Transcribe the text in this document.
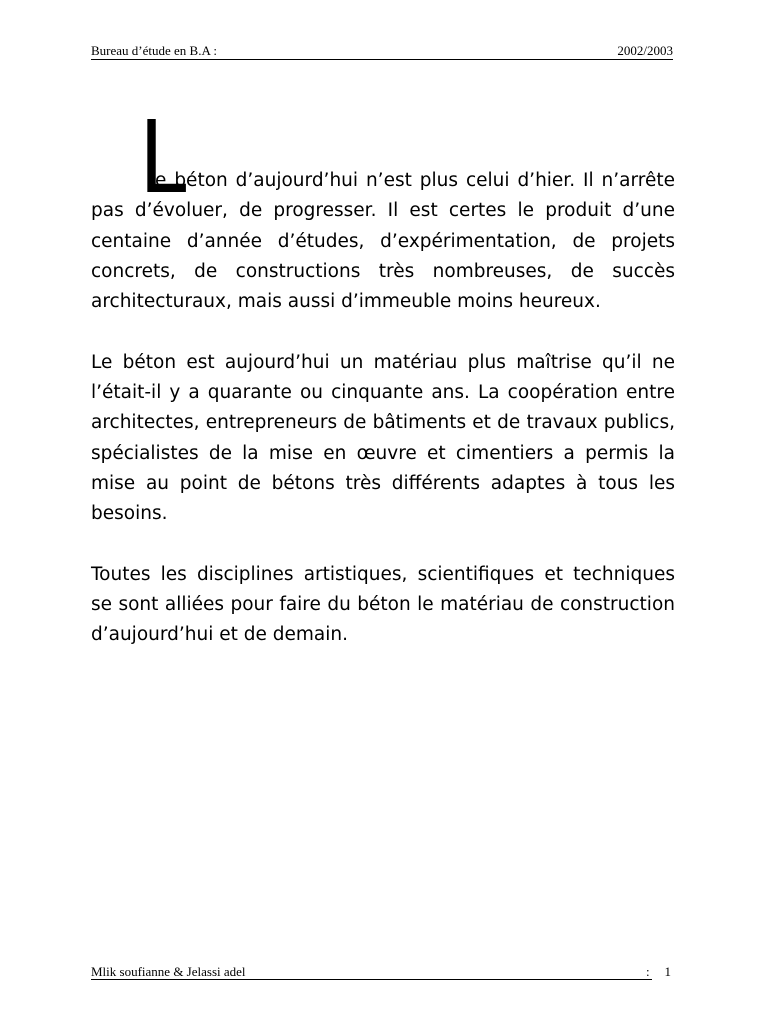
Bureau d’étude en B.A :	2002/2003
L

e béton d’aujourd’hui n’est plus celui d’hier. Il n’arrête pas d’évoluer, de progresser. Il est certes le produit d’une centaine d’année d’études, d’expérimentation, de projets concrets, de constructions très nombreuses, de succès architecturaux, mais aussi d’immeuble moins heureux.

Le béton est aujourd’hui un matériau plus maîtrise qu’il ne l’était-il y a quarante ou cinquante ans. La coopération entre architectes, entrepreneurs de bâtiments et de travaux publics, spécialistes de la mise en œuvre et cimentiers a permis la mise au point de bétons très différents adaptes à tous les besoins.

Toutes les disciplines artistiques, scientifiques et techniques se sont alliées pour faire du béton le matériau de construction d’aujourd’hui et de demain.

Mlik soufianne & Jelassi adel	: 1
